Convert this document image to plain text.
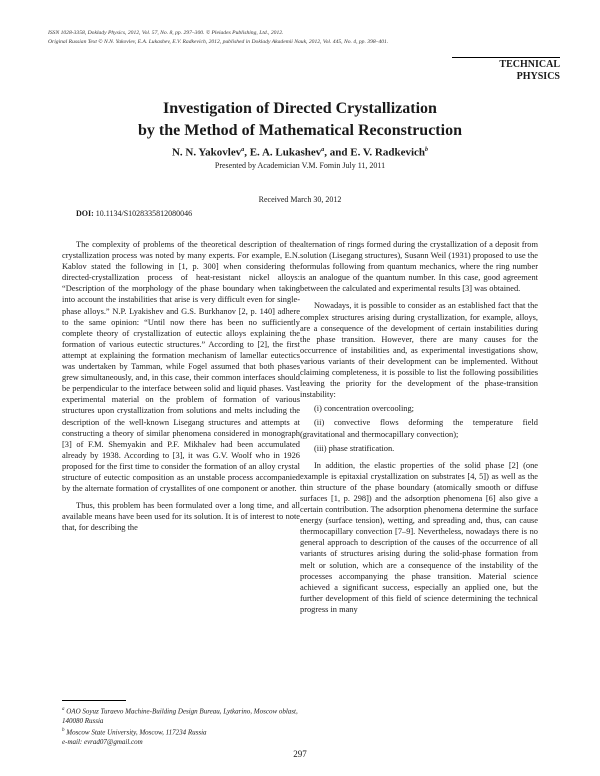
ISSN 1028-3358, Doklady Physics, 2012, Vol. 57, No. 8, pp. 297–300. © Pleiades Publishing, Ltd., 2012.
Original Russian Text © N.N. Yakovlev, E.A. Lukashev, E.V. Radkevich, 2012, published in Doklady Akademii Nauk, 2012, Vol. 445, No. 4, pp. 398–401.
TECHNICAL
PHYSICS
Investigation of Directed Crystallization
by the Method of Mathematical Reconstruction
N. N. Yakovlev$^a$, E. A. Lukashev$^a$, and E. V. Radkevich$^b$
Presented by Academician V.M. Fomin July 11, 2011
Received March 30, 2012
DOI: 10.1134/S1028335812080046

The complexity of problems of the theoretical description of the crystallization process was noted by many experts. For example, E.N. Kablov stated the following in [1, p. 300] when considering the directed-crystallization process of heat-resistant nickel alloys: “Description of the morphology of the phase boundary when taking into account the instabilities that arise is very difficult even for single-phase alloys.” N.P. Lyakishev and G.S. Burkhanov [2, p. 140] adhere to the same opinion: “Until now there has been no sufficiently complete theory of crystallization of eutectic alloys explaining the formation of various eutectic structures.” According to [2], the first attempt at explaining the formation mechanism of lamellar eutectics was undertaken by Tamman, while Fogel assumed that both phases grew simultaneously, and, in this case, their common interfaces should be perpendicular to the interface between solid and liquid phases. Vast experimental material on the problem of formation of various structures upon crystallization from solutions and melts including the description of the well-known Lisegang structures and attempts at constructing a theory of similar phenomena considered in monograph [3] of F.M. Shemyakin and P.F. Mikhalev had been accumulated already by 1938. According to [3], it was G.V. Woolf who in 1926 proposed for the first time to consider the formation of an alloy crystal structure of eutectic composition as an unstable process accompanied by the alternate formation of crystallites of one component or another.

Thus, this problem has been formulated over a long time, and all available means have been used for its solution. It is of interest to note that, for describing the

alternation of rings formed during the crystallization of a deposit from solution (Lisegang structures), Susann Weil (1931) proposed to use the formulas following from quantum mechanics, where the ring number is an analogue of the quantum number. In this case, good agreement between the calculated and experimental results [3] was obtained.

Nowadays, it is possible to consider as an established fact that the complex structures arising during crystallization, for example, alloys, are a consequence of the development of certain instabilities during the phase transition. However, there are many causes for the occurrence of instabilities and, as experimental investigations show, various variants of their development can be implemented. Without claiming completeness, it is possible to list the following possibilities leaving the priority for the development of the phase-transition instability:

(i) concentration overcooling;

(ii) convective flows deforming the temperature field (gravitational and thermocapillary convection);

(iii) phase stratification.

In addition, the elastic properties of the solid phase [2] (one example is epitaxial crystallization on substrates [4, 5]) as well as the thin structure of the phase boundary (atomically smooth or diffuse surfaces [1, p. 298]) and the adsorption phenomena [6] also give a certain contribution. The adsorption phenomena determine the surface energy (surface tension), wetting, and spreading and, thus, can cause thermocapillary convection [7–9]. Nevertheless, nowadays there is no general approach to description of the causes of the occurrence of all variants of structures arising during the solid-phase formation from melt or solution, which are a consequence of the instability of the processes accompanying the phase transition. Material science achieved a significant success, especially an applied one, but the further development of this field of science determining the technical progress in many

$^a$ OAO Soyuz Turaevo Machine-Building Design Bureau, Lytkarino, Moscow oblast, 140080 Russia
$^b$ Moscow State University, Moscow, 117234 Russia
e-mail: evrad07@gmail.com
297
